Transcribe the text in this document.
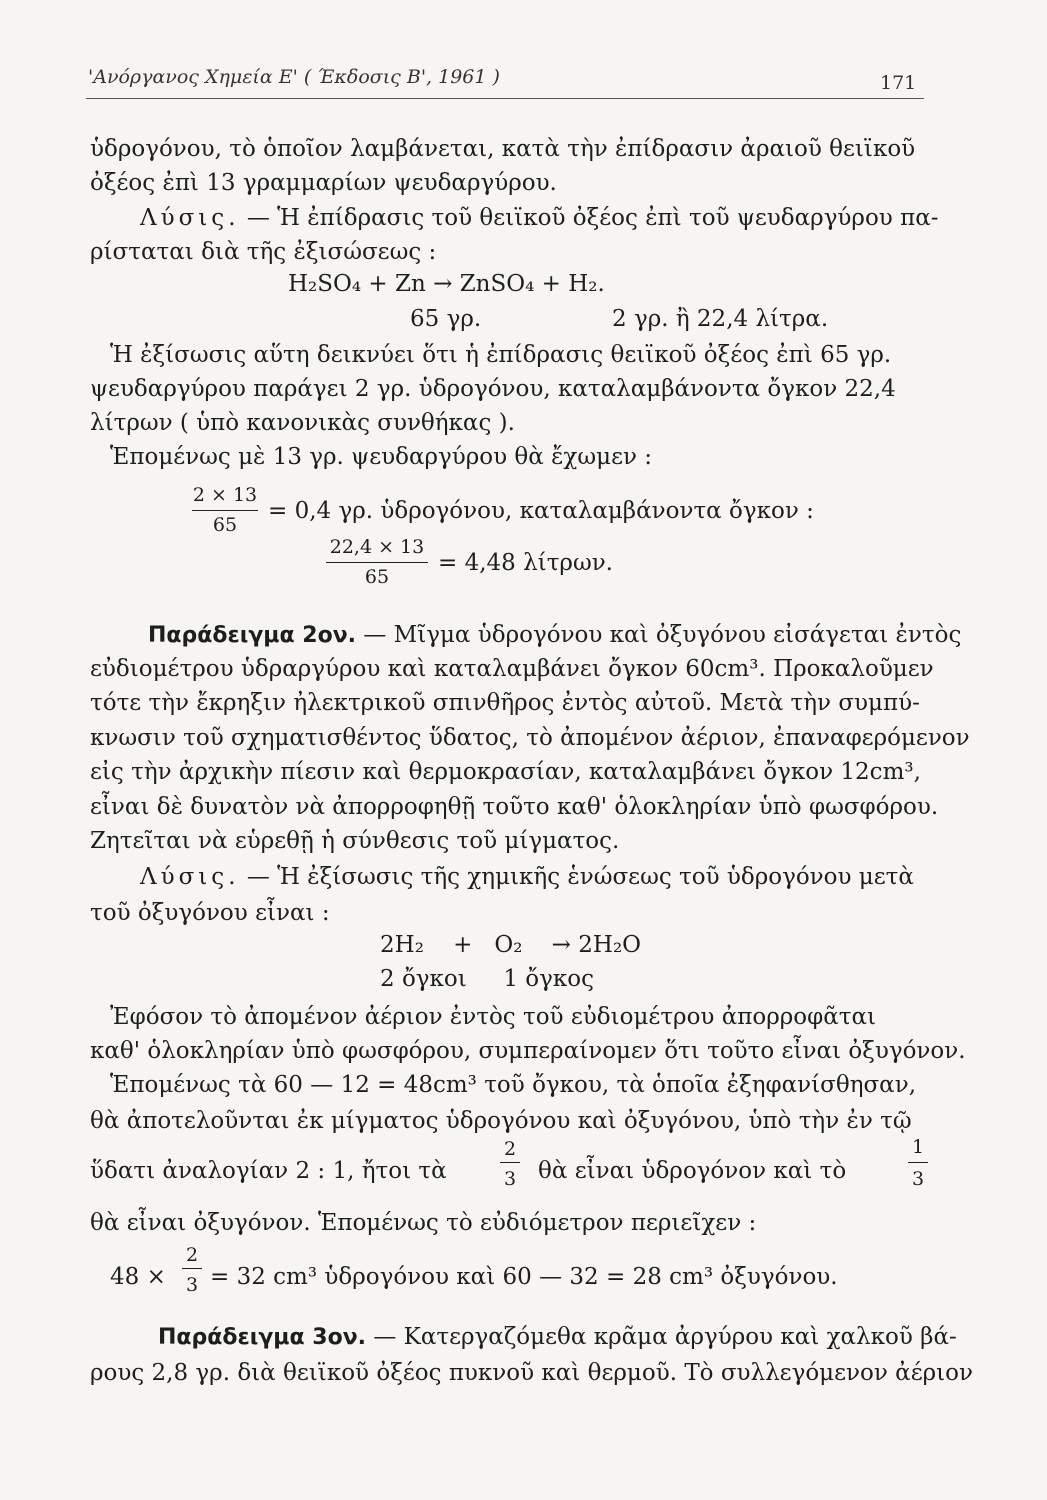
'Ανόργανος Χημεία Ε' ( Έκδοσις Β', 1961 )	171
ὑδρογόνου, τὸ ὁποῖον λαμβάνεται, κατὰ τὴν ἐπίδρασιν ἀραιοῦ θειϊκοῦ
ὀξέος ἐπὶ 13 γραμμαρίων ψευδαργύρου.
Λύσις. — Ἡ ἐπίδρασις τοῦ θειϊκοῦ ὀξέος ἐπὶ τοῦ ψευδαργύρου πα-
ρίσταται διὰ τῆς ἐξισώσεως :
H₂SO₄ + Zn → ZnSO₄ + H₂.
65 γρ.	2 γρ. ἢ 22,4 λίτρα.
Ἡ ἐξίσωσις αὕτη δεικνύει ὅτι ἡ ἐπίδρασις θειϊκοῦ ὀξέος ἐπὶ 65 γρ.
ψευδαργύρου παράγει 2 γρ. ὑδρογόνου, καταλαμβάνοντα ὄγκον 22,4
λίτρων ( ὑπὸ κανονικὰς συνθήκας ).
Ἑπομένως μὲ 13 γρ. ψευδαργύρου θὰ ἔχωμεν :
2 × 13
65
= 0,4 γρ. ὑδρογόνου, καταλαμβάνοντα ὄγκον :
22,4 × 13
65
= 4,48 λίτρων.
Παράδειγμα 2ον. — Μῖγμα ὑδρογόνου καὶ ὀξυγόνου εἰσάγεται ἐντὸς
εὐδιομέτρου ὑδραργύρου καὶ καταλαμβάνει ὄγκον 60cm³. Προκαλοῦμεν
τότε τὴν ἔκρηξιν ἠλεκτρικοῦ σπινθῆρος ἐντὸς αὐτοῦ. Μετὰ τὴν συμπύ-
κνωσιν τοῦ σχηματισθέντος ὕδατος, τὸ ἀπομένον ἀέριον, ἐπαναφερόμενον
εἰς τὴν ἀρχικὴν πίεσιν καὶ θερμοκρασίαν, καταλαμβάνει ὄγκον 12cm³,
εἶναι δὲ δυνατὸν νὰ ἀπορροφηθῇ τοῦτο καθ' ὁλοκληρίαν ὑπὸ φωσφόρου.
Ζητεῖται νὰ εὑρεθῇ ἡ σύνθεσις τοῦ μίγματος.
Λύσις. — Ἡ ἐξίσωσις τῆς χημικῆς ἑνώσεως τοῦ ὑδρογόνου μετὰ
τοῦ ὀξυγόνου εἶναι :
2H₂    +   O₂    → 2H₂O
2 ὄγκοι     1 ὄγκος
Ἐφόσον τὸ ἀπομένον ἀέριον ἐντὸς τοῦ εὐδιομέτρου ἀπορροφᾶται
καθ' ὁλοκληρίαν ὑπὸ φωσφόρου, συμπεραίνομεν ὅτι τοῦτο εἶναι ὀξυγόνον.
Ἑπομένως τὰ 60 — 12 = 48cm³ τοῦ ὄγκου, τὰ ὁποῖα ἐξηφανίσθησαν,
θὰ ἀποτελοῦνται ἐκ μίγματος ὑδρογόνου καὶ ὀξυγόνου, ὑπὸ τὴν ἐν τῷ
ὕδατι ἀναλογίαν 2 : 1, ἤτοι τὰ
2
3 θὰ εἶναι ὑδρογόνον καὶ τὸ
1
3
θὰ εἶναι ὀξυγόνον. Ἑπομένως τὸ εὐδιόμετρον περιεῖχεν :
48 ×
2
3 = 32 cm³ ὑδρογόνου καὶ 60 — 32 = 28 cm³ ὀξυγόνου.
Παράδειγμα 3ον. — Κατεργαζόμεθα κρᾶμα ἀργύρου καὶ χαλκοῦ βά-
ρους 2,8 γρ. διὰ θειϊκοῦ ὀξέος πυκνοῦ καὶ θερμοῦ. Τὸ συλλεγόμενον ἀέριον
